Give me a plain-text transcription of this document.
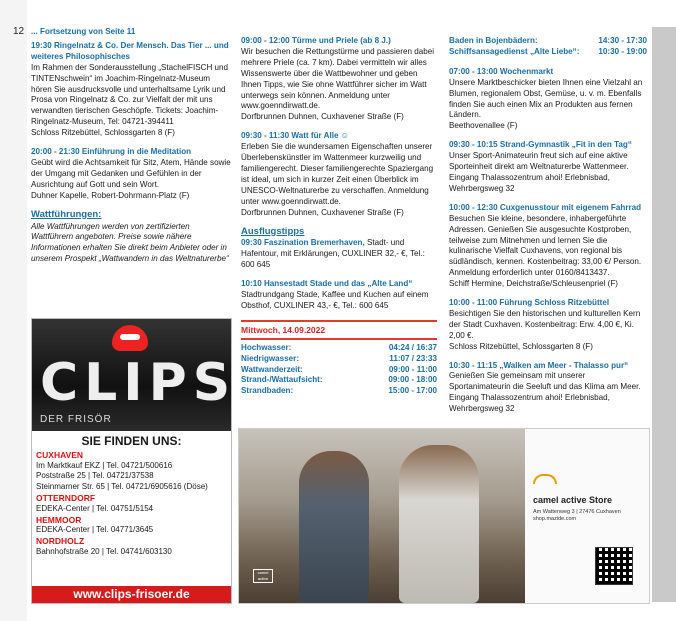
12 ... Fortsetzung von Seite 11

19:30 Ringelnatz & Co. Der Mensch. Das Tier ... und weiteres Philosophisches

Im Rahmen der Sonderausstellung „StachelFISCH und TINTENschwein“ im Joachim-Ringelnatz-Museum hören Sie ausdrucksvolle und unterhaltsame Lyrik und Prosa von Ringelnatz & Co. zur Vielfalt der mit uns verwandten tierischen Geschöpfe. Tickets: Joachim-Ringelnatz-Museum, Tel: 04721-394411

Schloss Ritzebüttel, Schlossgarten 8 (F)

20:00 - 21:30 Einführung in die Meditation

Geübt wird die Achtsamkeit für Sitz, Atem, Hände sowie der Umgang mit Gedanken und Gefühlen in der Ausrichtung auf Gott und sein Wort.

Duhner Kapelle, Robert-Dohrmann-Platz (F)

Wattführungen:

Alle Wattführungen werden von zertifizierten Wattführern angeboten. Preise sowie nähere Informationen erhalten Sie direkt beim Anbieter oder in unserem Prospekt „Wattwandern in das Weltnaturerbe“

09:00 - 12:00 Türme und Priele (ab 8 J.)

Wir besuchen die Rettungstürme und passieren dabei mehrere Priele (ca. 7 km). Dabei vermitteln wir alles Wissenswerte über die Wattbewohner und geben Ihnen Tipps, wie Sie ohne Wattführer sicher im Watt unterwegs sein können. Anmeldung unter www.goenndirwatt.de.

Dorfbrunnen Duhnen, Cuxhavener Straße (F)

09:30 - 11:30 Watt für Alle ☺

Erleben Sie die wundersamen Eigenschaften unserer Überlebenskünstler im Wattenmeer kurzweilig und familiengerecht. Dieser familiengerechte Spaziergang ist ideal, um sich in kurzer Zeit einen Überblick im UNESCO-Weltnaturerbe zu verschaffen. Anmeldung unter www.goenndirwatt.de.

Dorfbrunnen Duhnen, Cuxhavener Straße (F)

Ausflugstipps

09:30 Faszination Bremerhaven, Stadt- und Hafentour, mit Erklärungen, CUXLINER 32,- €, Tel.: 600 645

10:10 Hansestadt Stade und das „Alte Land“

Stadtrundgang Stade, Kaffee und Kuchen auf einem Obsthof, CUXLINER 43,- €, Tel.: 600 645

Mittwoch, 14.09.2022

Hochwasser:	04:24 / 16:37
Niedrigwasser:	11:07 / 23:33
Wattwanderzeit:	09:00 - 11:00
Strand-/Wattaufsicht:	09:00 - 18:00
Strandbaden:	15:00 - 17:00
Baden in Bojenbädern:	14:30 - 17:30
Schiffsansagedienst „Alte Liebe“: 10:30 - 19:00

07:00 - 13:00 Wochenmarkt

Unsere Marktbeschicker bieten Ihnen eine Vielzahl an Blumen, regionalem Obst, Gemüse, u. v. m. Ebenfalls finden Sie auch einen Mix an Produkten aus fernen Ländern.

Beethovenallee (F)

09:30 - 10:15 Strand-Gymnastik „Fit in den Tag“

Unser Sport-Animateurin freut sich auf eine aktive Sporteinheit direkt am Weltnaturerbe Wattenmeer.

Eingang Thalassozentrum ahoi! Erlebnisbad, Wehrbergsweg 32

10:00 - 12:30 Cuxgenusstour mit eigenem Fahrrad

Besuchen Sie kleine, besondere, inhabergeführte Adressen. Genießen Sie ausgesuchte Kostproben, teilweise zum Mitnehmen und lernen Sie die kulinarische Vielfalt Cuxhavens, von regional bis südländisch, kennen. Kostenbeitrag: 33,00 €/ Person. Anmeldung erforderlich unter 0160/8413437.

Schiff Hermine, Deichstraße/Schleusenpriel (F)

10:00 - 11:00 Führung Schloss Ritzebüttel

Besichtigen Sie den historischen und kulturellen Kern der Stadt Cuxhaven. Kostenbeitrag: Erw. 4,00 €, Ki. 2,00 €.

Schloss Ritzebüttel, Schlossgarten 8 (F)

10:30 - 11:15 „Walken am Meer - Thalasso pur“

Genießen Sie gemeinsam mit unserer Sportanimateurin die Seeluft und das Klima am Meer.

Eingang Thalassozentrum ahoi! Erlebnisbad, Wehrbergsweg 32

CLIPS
DER FRISÖR
SIE FINDEN UNS:
CUXHAVEN
Im Marktkauf EKZ | Tel. 04721/500616
Poststraße 25 | Tel. 04721/37538
Steinmarner Str. 65 | Tel. 04721/6905616 (Döse)
OTTERNDORF
EDEKA-Center | Tel. 04751/5154
HEMMOOR
EDEKA-Center | Tel. 04771/3645
NORDHOLZ
Bahnhofstraße 20 | Tel. 04741/603130
www.clips-frisoer.de
camel active
camel active Store
Am Wattenweg 3 | 27476 Cuxhaven
shop.mazide.com
